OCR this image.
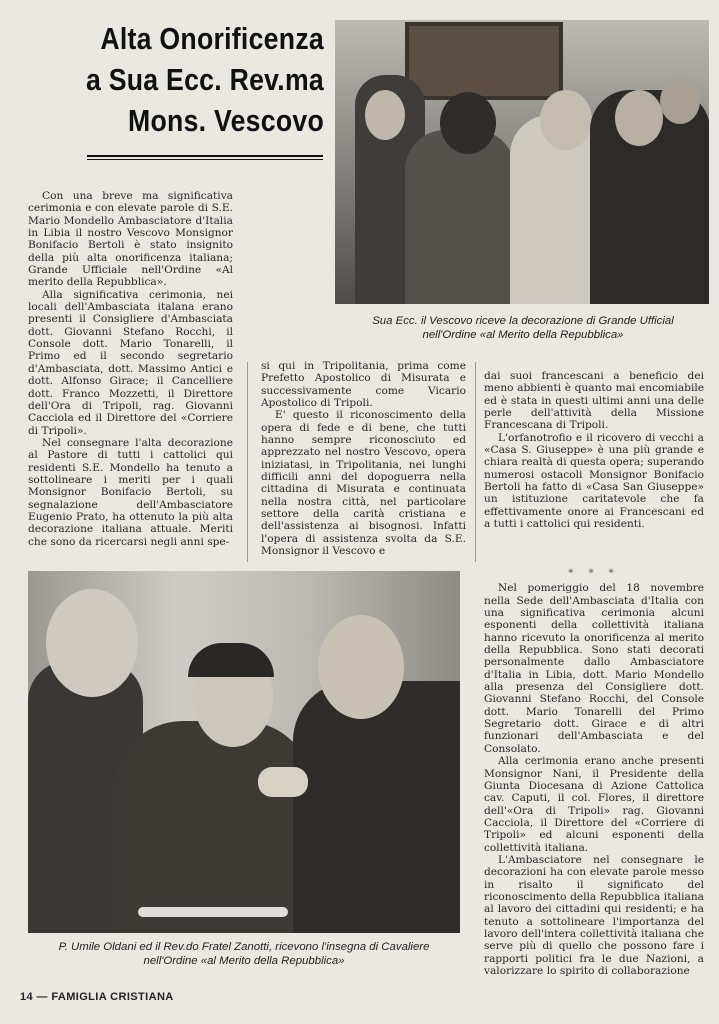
Alta Onorificenza
a Sua Ecc. Rev.ma
Mons. Vescovo
Sua Ecc. il Vescovo riceve la decorazione di Grande Ufficial
nell'Ordine «al Merito della Repubblica»

Con una breve ma significativa cerimonia e con elevate parole di S.E. Mario Mondello Ambasciatore d'Italia in Libia il nostro Vescovo Monsignor Bonifacio Bertoli è stato insignito della più alta onorificenza italiana; Grande Ufficiale nell'Ordine «Al merito della Repubblica».

Alla significativa cerimonia, nei locali dell'Ambasciata italana erano presenti il Consigliere d'Ambasciata dott. Giovanni Stefano Rocchi, il Console dott. Mario Tonarelli, il Primo ed il secondo segretario d'Ambasciata, dott. Massimo Antici e dott. Alfonso Girace; il Cancelliere dott. Franco Mozzetti, il Direttore dell'Ora di Tripoli, rag. Giovanni Cacciola ed il Direttore del «Corriere di Tripoli».

Nel consegnare l'alta decorazione al Pastore di tutti i cattolici qui residenti S.E. Mondello ha tenuto a sottolineare i meriti per i quali Monsignor Bonifacio Bertoli, su segnalazione dell'Ambasciatore Eugenio Prato, ha ottenuto la più alta decorazione italiana attuale. Meriti che sono da ricercarsi negli anni spe-

si qui in Tripolitania, prima come Prefetto Apostolico di Misurata e successivamente come Vicario Apostolico di Tripoli.

E' questo il riconoscimento della opera di fede e di bene, che tutti hanno sempre riconosciuto ed apprezzato nel nostro Vescovo, opera iniziatasi, in Tripolitania, nei lunghi difficili anni del dopoguerra nella cittadina di Misurata e continuata nella nostra città, nel particolare settore della carità cristiana e dell'assistenza ai bisognosi. Infatti l'opera di assistenza svolta da S.E. Monsignor il Vescovo e

dai suoi francescani a beneficio dei meno abbienti è quanto mai encomiabile ed è stata in questi ultimi anni una delle perle dell'attività della Missione Francescana di Tripoli.

L'orfanotrofio e il ricovero di vecchi a «Casa S. Giuseppe» è una più grande e chiara realtà di questa opera; superando numerosi ostacoli Monsignor Bonifacio Bertoli ha fatto di «Casa San Giuseppe» un istituzione caritatevole che fa effettivamente onore ai Francescani ed a tutti i cattolici qui residenti.

* * *

Nel pomeriggio del 18 novembre nella Sede dell'Ambasciata d'Italia con una significativa cerimonia alcuni esponenti della collettività italiana hanno ricevuto la onorificenza al merito della Repubblica. Sono stati decorati personalmente dallo Ambasciatore d'Italia in Libia, dott. Mario Mondello alla presenza del Consigliere dott. Giovanni Stefano Rocchi, del Console dott. Mario Tonarelli del Primo Segretario dott. Girace e di altri funzionari dell'Ambasciata e del Consolato.

Alla cerimonia erano anche presenti Monsignor Nani, il Presidente della Giunta Diocesana di Azione Cattolica cav. Caputi, il col. Flores, il direttore dell'«Ora di Tripoli» rag. Giovanni Cacciola, il Direttore del «Corriere di Tripoli» ed alcuni esponenti della collettività italiana.

L'Ambasciatore nel consegnare le decorazioni ha con elevate parole messo in risalto il significato del riconoscimento della Repubblica italiana al lavoro dei cittadini qui residenti; e ha tenuto a sottolineare l'importanza del lavoro dell'intera collettività italiana che serve più di quello che possono fare i rapporti politici fra le due Nazioni, a valorizzare lo spirito di collaborazione

P. Umile Oldani ed il Rev.do Fratel Zanotti, ricevono l'insegna di Cavaliere
nell'Ordine «al Merito della Repubblica»
14 — FAMIGLIA CRISTIANA
